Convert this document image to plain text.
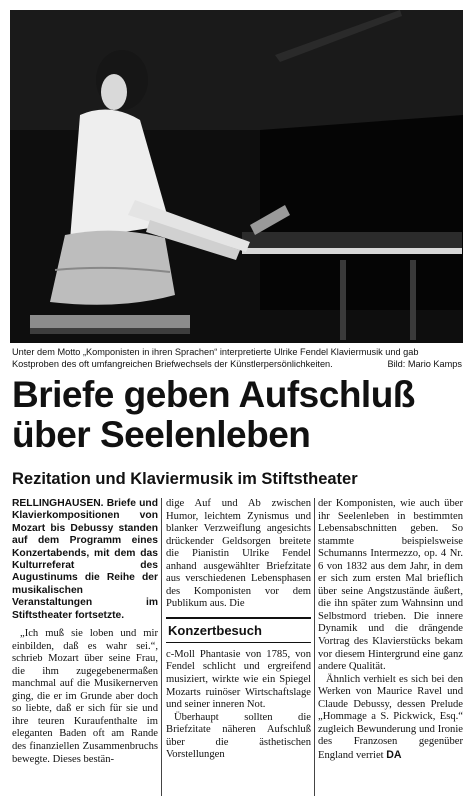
Unter dem Motto „Komponisten in ihren Sprachen“ interpretierte Ulrike Fendel Klaviermusik und gab Kostproben des oft umfangreichen Briefwechsels der Künstlerpersönlichkeiten.	Bild: Mario Kamps
Briefe geben Aufschluß über Seelenleben
Rezitation und Klaviermusik im Stiftstheater

RELLINGHAUSEN. Briefe und Klavierkompositionen von Mozart bis Debussy standen auf dem Programm eines Konzertabends, mit dem das Kulturreferat des Augustinums die Reihe der musikalischen Veranstaltungen im Stiftstheater fortsetzte.

„Ich muß sie loben und mir einbilden, daß es wahr sei.“, schrieb Mozart über seine Frau, die ihm zugegebenermaßen manchmal auf die Musikernerven ging, die er im Grunde aber doch so liebte, daß er sich für sie und ihre teuren Kuraufenthalte im eleganten Baden oft am Rande des finanziellen Zusammenbruchs bewegte. Dieses bestän-

dige Auf und Ab zwischen Humor, leichtem Zynismus und blanker Verzweiflung angesichts drückender Geldsorgen breitete die Pianistin Ulrike Fendel anhand ausgewählter Briefzitate aus verschiedenen Lebensphasen des Komponisten vor dem Publikum aus. Die

Konzertbesuch

c-Moll Phantasie von 1785, von Fendel schlicht und ergreifend musiziert, wirkte wie ein Spiegel Mozarts ruinöser Wirtschaftslage und seiner inneren Not.

Überhaupt sollten die Briefzitate näheren Aufschluß über die ästhetischen Vorstellungen

der Komponisten, wie auch über ihr Seelenleben in bestimmten Lebensabschnitten geben. So stammte beispielsweise Schumanns Intermezzo, op. 4 Nr. 6 von 1832 aus dem Jahr, in dem er sich zum ersten Mal brieflich über seine Angstzustände äußert, die ihn später zum Wahnsinn und Selbstmord trieben. Die innere Dynamik und die drängende Vortrag des Klavierstücks bekam vor diesem Hintergrund eine ganz andere Qualität.

Ähnlich verhielt es sich bei den Werken von Maurice Ravel und Claude Debussy, dessen Prelude „Hommage a S. Pickwick, Esq.“ zugleich Bewunderung und Ironie des Franzosen gegenüber England verriet DA
